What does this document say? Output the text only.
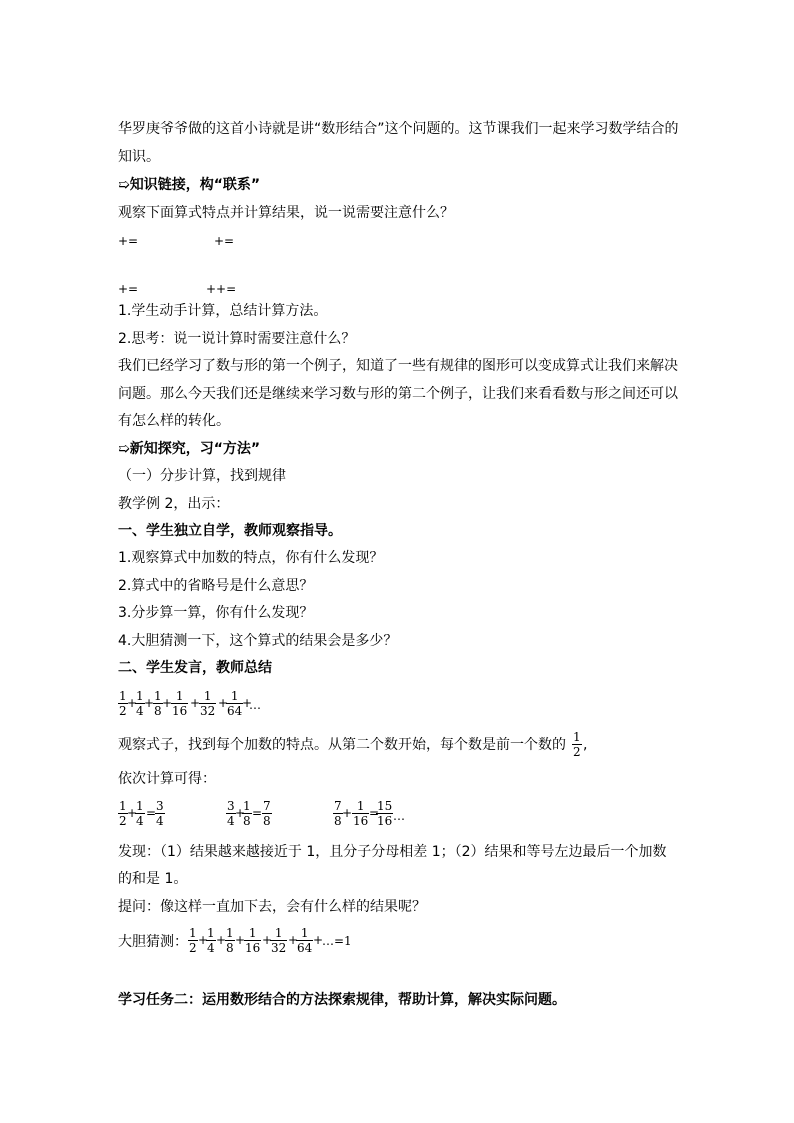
华罗庚爷爷做的这首小诗就是讲“数形结合”这个问题的。这节课我们一起来学习数学结合的
知识。
➯知识链接，构“联系”
观察下面算式特点并计算结果，说一说需要注意什么？
+=	+=
+=	++=
1.学生动手计算，总结计算方法。
2.思考：说一说计算时需要注意什么？
我们已经学习了数与形的第一个例子，知道了一些有规律的图形可以变成算式让我们来解决
问题。那么今天我们还是继续来学习数与形的第二个例子，让我们来看看数与形之间还可以
有怎么样的转化。
➯新知探究，习“方法”
（一）分步计算，找到规律
教学例 2，出示：
一、学生独立自学，教师观察指导。
1.观察算式中加数的特点，你有什么发现？
2.算式中的省略号是什么意思？
3.分步算一算，你有什么发现？
4.大胆猜测一下，这个算式的结果会是多少？
二、学生发言，教师总结
$\frac{1}{2}$ +
$\frac{1}{4}$ +
$\frac{1}{8}$ +
$\frac{1}{16}$ +
$\frac{1}{32}$ +
$\frac{1}{64}$
+
…
观察式子，找到每个加数的特点。从第二个数开始，每个数是前一个数的 $\frac{1}{2}$ ,
依次计算可得：
$\frac{1}{2}$ +
$\frac{1}{4}$ =
$\frac{3}{4}$	$\frac{3}{4}$ +
$\frac{1}{8} = \frac{7}{8}$	$\frac{7}{8} + \frac{1}{16}$ =
$\frac{15}{16}$ …
发现：（1）结果越来越接近于 1，且分子分母相差 1；（2）结果和等号左边最后一个加数
的和是 1。
提问：像这样一直加下去，会有什么样的结果呢？
大胆猜测： $\frac{1}{2}$ +
$\frac{1}{4}$ +
$\frac{1}{8}$ +
$\frac{1}{16}$ +
$\frac{1}{32}$ +
$\frac{1}{64}$ +
…=1
学习任务二：运用数形结合的方法探索规律，帮助计算，解决实际问题。
